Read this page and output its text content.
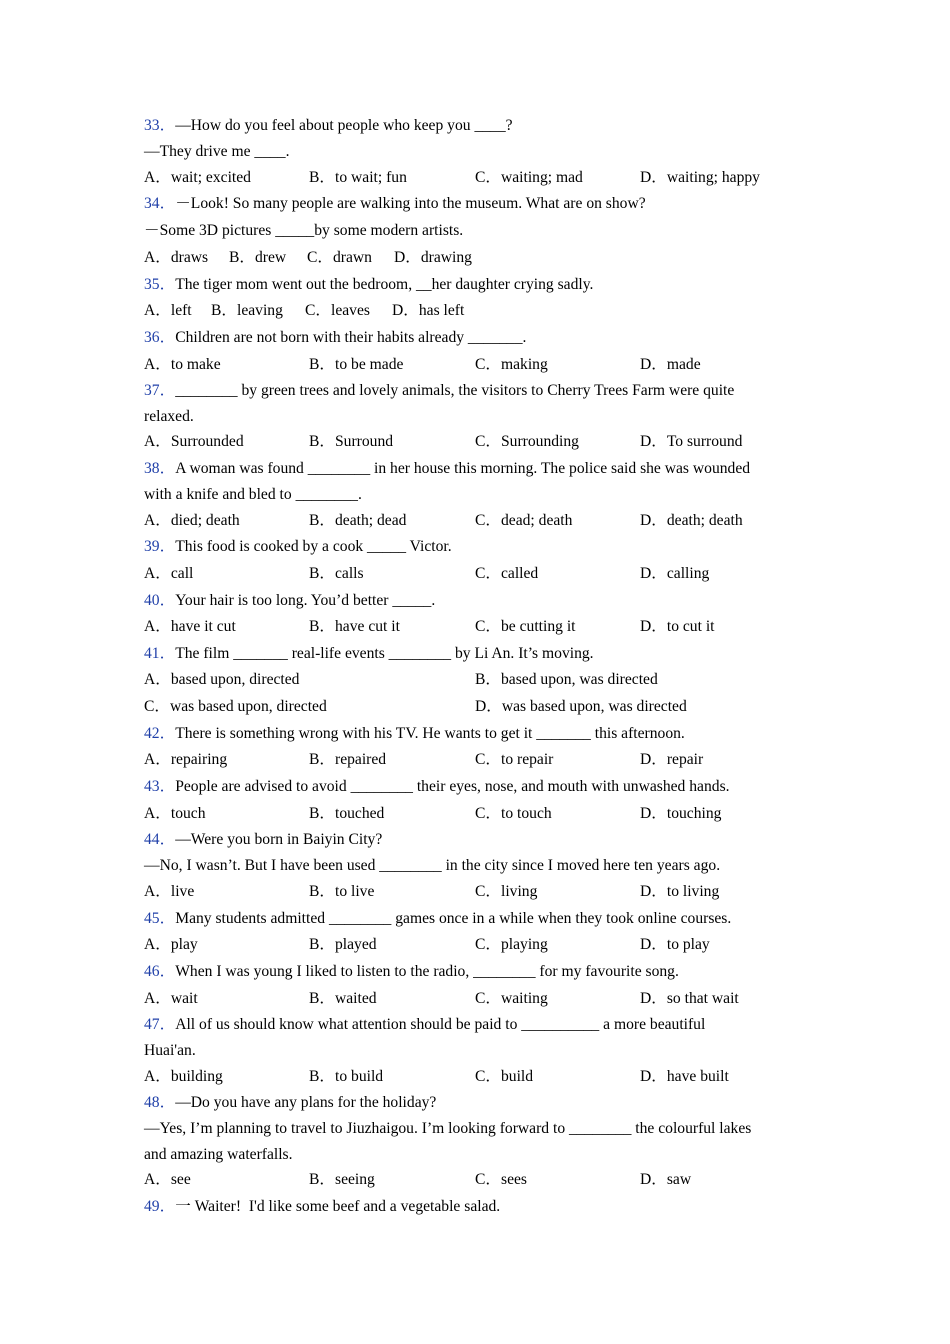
33．—How do you feel about people who keep you ____?
—They drive me ____.
A．wait; excited	B．to wait; fun	C．waiting; mad	D．waiting; happy
34．－Look! So many people are walking into the museum. What are on show?
－Some 3D pictures _____by some modern artists.
A．draws B．drew C．drawn D．drawing
35．The tiger mom went out the bedroom, __her daughter crying sadly.
A．left B．leaving C．leaves D．has left
36．Children are not born with their habits already _______.
A．to make	B．to be made	C．making	D．made
37．________ by green trees and lovely animals, the visitors to Cherry Trees Farm were quite
relaxed.
A．Surrounded	B．Surround	C．Surrounding	D．To surround
38．A woman was found ________ in her house this morning. The police said she was wounded
with a knife and bled to ________.
A．died; death	B．death; dead	C．dead; death	D．death; death
39．This food is cooked by a cook _____ Victor.
A．call	B．calls	C．called	D．calling
40．Your hair is too long. You’d better _____.
A．have it cut	B．have cut it	C．be cutting it	D．to cut it
41．The film _______ real-life events ________ by Li An. It’s moving.
A．based upon, directed	B．based upon, was directed
C．was based upon, directed	D．was based upon, was directed
42．There is something wrong with his TV. He wants to get it _______ this afternoon.
A．repairing	B．repaired	C．to repair	D．repair
43．People are advised to avoid ________ their eyes, nose, and mouth with unwashed hands.
A．touch	B．touched	C．to touch	D．touching
44．—Were you born in Baiyin City?
—No, I wasn’t. But I have been used ________ in the city since I moved here ten years ago.
A．live	B．to live	C．living	D．to living
45．Many students admitted ________ games once in a while when they took online courses.
A．play	B．played	C．playing	D．to play
46．When I was young I liked to listen to the radio, ________ for my favourite song.
A．wait	B．waited	C．waiting	D．so that wait
47．All of us should know what attention should be paid to __________ a more beautiful
Huai'an.
A．building	B．to build	C．build	D．have built
48．—Do you have any plans for the holiday?
—Yes, I’m planning to travel to Jiuzhaigou. I’m looking forward to ________ the colourful lakes
and amazing waterfalls.
A．see	B．seeing	C．sees	D．saw
49．一 Waiter!  I'd like some beef and a vegetable salad.
